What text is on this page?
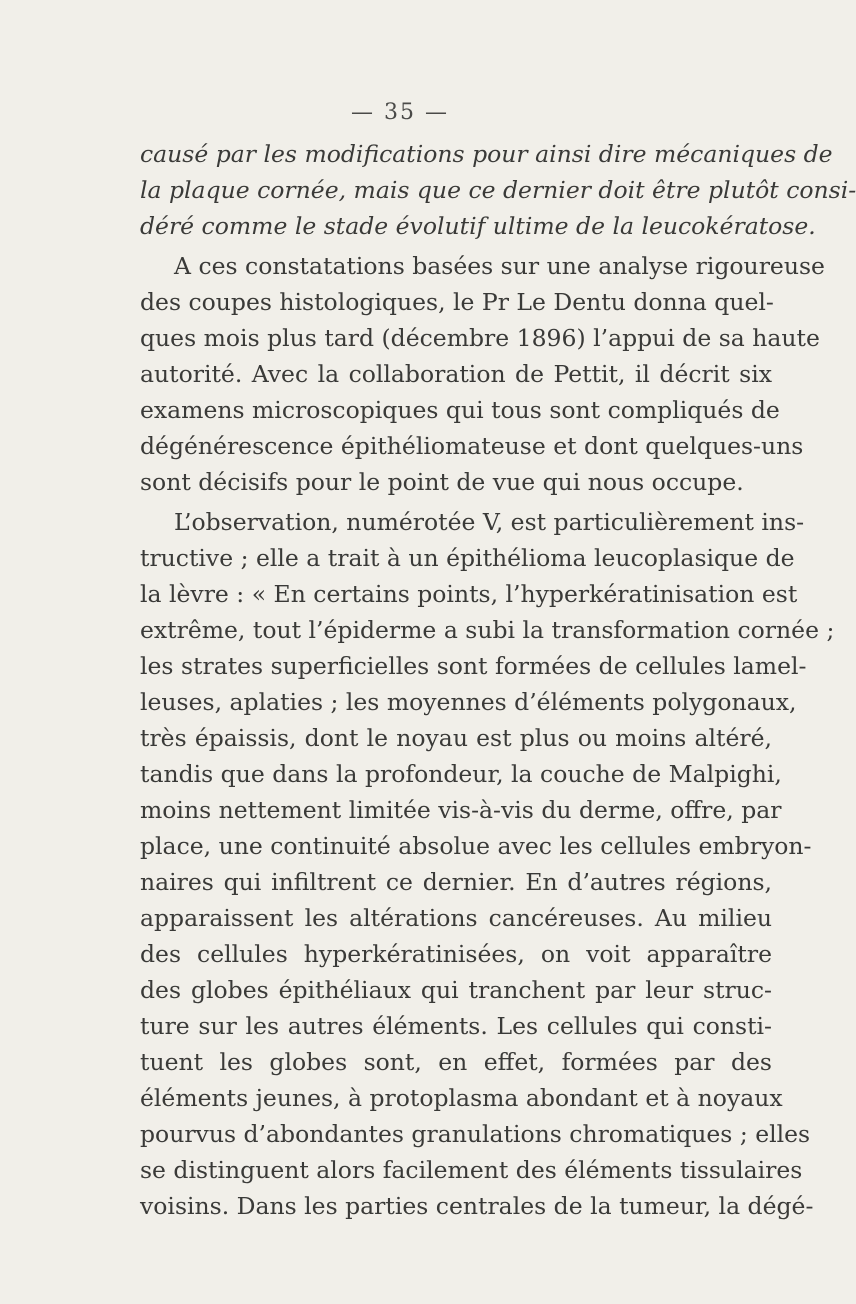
— 35 —
causé par les modifications pour ainsi dire mécaniques de
la plaque cornée, mais que ce dernier doit être plutôt consi-
déré comme le stade évolutif ultime de la leucokératose.
A ces constatations basées sur une analyse rigoureuse
des coupes histologiques, le Pr Le Dentu donna quel-
ques mois plus tard (décembre 1896) l’appui de sa haute
autorité. Avec la collaboration de Pettit, il décrit six
examens microscopiques qui tous sont compliqués de
dégénérescence épithéliomateuse et dont quelques-uns
sont décisifs pour le point de vue qui nous occupe.
L’observation, numérotée V, est particulièrement ins-
tructive ; elle a trait à un épithélioma leucoplasique de
la lèvre : « En certains points, l’hyperkératinisation est
extrême, tout l’épiderme a subi la transformation cornée ;
les strates superficielles sont formées de cellules lamel-
leuses, aplaties ; les moyennes d’éléments polygonaux,
très épaissis, dont le noyau est plus ou moins altéré,
tandis que dans la profondeur, la couche de Malpighi,
moins nettement limitée vis-à-vis du derme, offre, par
place, une continuité absolue avec les cellules embryon-
naires qui infiltrent ce dernier. En d’autres régions,
apparaissent les altérations cancéreuses. Au milieu
des cellules hyperkératinisées, on voit apparaître
des globes épithéliaux qui tranchent par leur struc-
ture sur les autres éléments. Les cellules qui consti-
tuent les globes sont, en effet, formées par des
éléments jeunes, à protoplasma abondant et à noyaux
pourvus d’abondantes granulations chromatiques ; elles
se distinguent alors facilement des éléments tissulaires
voisins. Dans les parties centrales de la tumeur, la dégé-
